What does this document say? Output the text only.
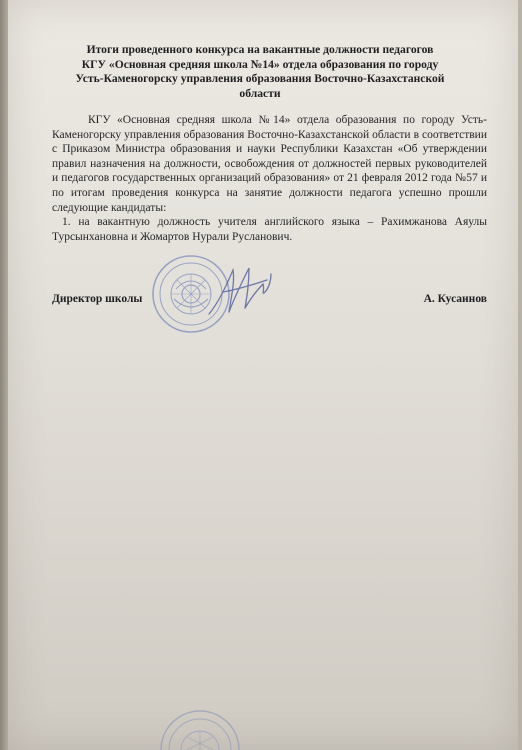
Итоги проведенного конкурса на вакантные должности педагогов
КГУ «Основная средняя школа №14» отдела образования по городу
Усть-Каменогорску управления образования Восточно-Казахстанской
области

КГУ «Основная средняя школа №14» отдела образования по городу Усть-Каменогорску управления образования Восточно-Казахстанской области в соответствии с Приказом Министра образования и науки Республики Казахстан «Об утверждении правил назначения на должности, освобождения от должностей первых руководителей и педагогов государственных организаций образования» от 21 февраля 2012 года №57 и по итогам проведения конкурса на занятие должности педагога успешно прошли следующие кандидаты:

1. на вакантную должность учителя английского языка – Рахимжанова Аяулы Турсынхановна и Жомартов Нурали Русланович.

Директор школы	А. Кусаинов
